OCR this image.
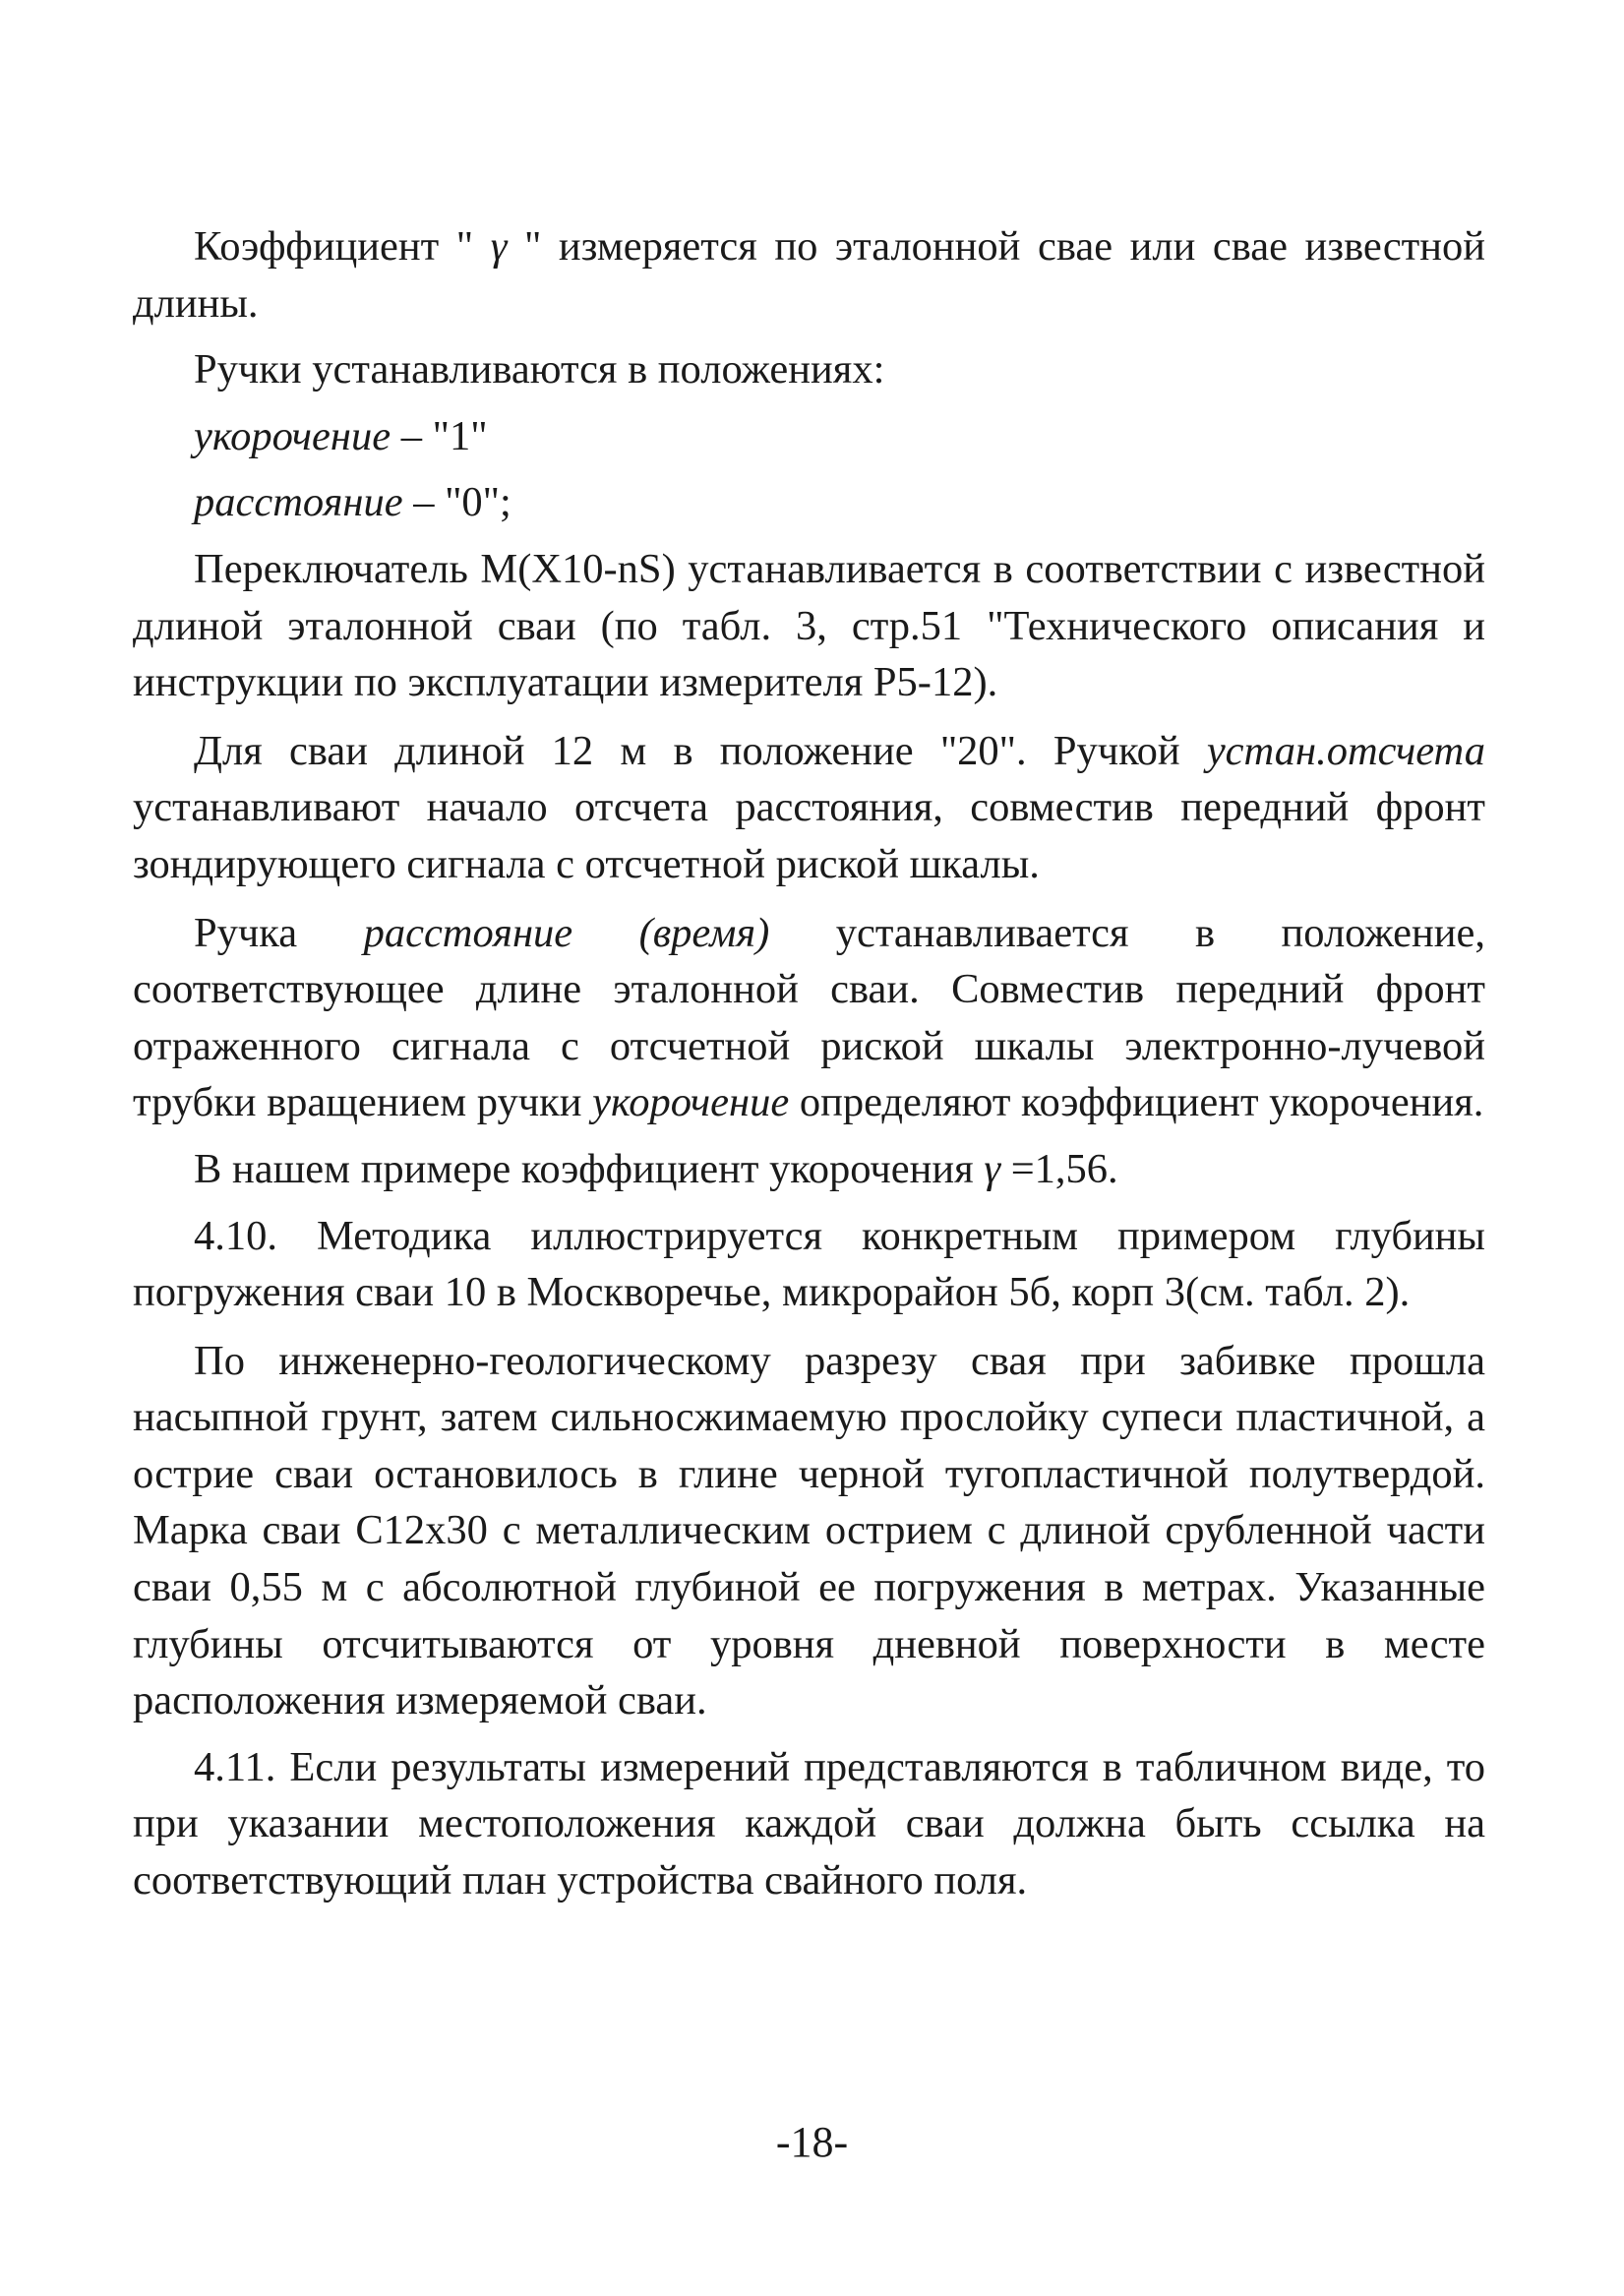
Коэффициент " γ " измеряется по эталонной свае или свае известной длины.

Ручки устанавливаются в положениях:

укорочение – "1"

расстояние – "0";

Переключатель M(X10-nS) устанавливается в соответствии с известной длиной эталонной сваи (по табл. 3, стр.51 "Технического описания и инструкции по эксплуатации измерителя Р5-12).

Для сваи длиной 12 м в положение "20". Ручкой устан.отсчета устанавливают начало отсчета расстояния, совместив передний фронт зондирующего сигнала с отсчетной риской шкалы.

Ручка расстояние (время) устанавливается в положение, соответствующее длине эталонной сваи. Совместив передний фронт отраженного сигнала с отсчетной риской шкалы электронно-лучевой трубки вращением ручки укорочение определяют коэффициент укорочения.

В нашем примере коэффициент укорочения γ =1,56.

4.10. Методика иллюстрируется конкретным примером глубины погружения сваи 10 в Москворечье, микрорайон 5б, корп 3(см. табл. 2).

По инженерно-геологическому разрезу свая при забивке прошла насыпной грунт, затем сильносжимаемую прослойку супеси пластичной, а острие сваи остановилось в глине черной тугопластичной полутвердой. Марка сваи С12х30 с металлическим острием с длиной срубленной части сваи 0,55 м с абсолютной глубиной ее погружения в метрах. Указанные глубины отсчитываются от уровня дневной поверхности в месте расположения измеряемой сваи.

4.11. Если результаты измерений представляются в табличном виде, то при указании местоположения каждой сваи должна быть ссылка на соответствующий план устройства свайного поля.

-18-
